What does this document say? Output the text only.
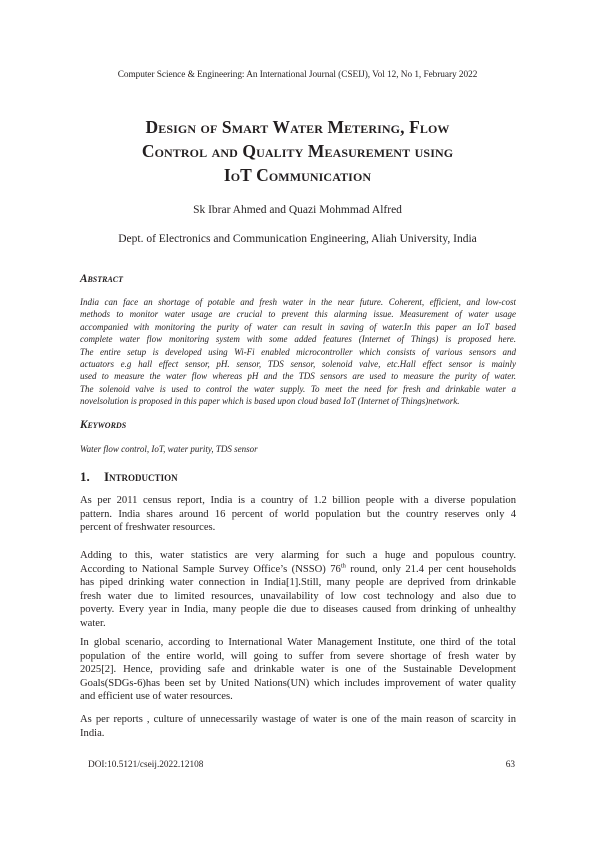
Computer Science & Engineering: An International Journal (CSEIJ), Vol 12, No 1, February 2022
Design of Smart Water Metering, Flow
Control and Quality Measurement using
IoT Communication
Sk Ibrar Ahmed and Quazi Mohmmad Alfred
Dept. of Electronics and Communication Engineering, Aliah University, India
Abstract
India can face an shortage of potable and fresh water in the near future. Coherent, efficient, and low-cost
methods to monitor water usage are crucial to prevent this alarming issue. Measurement of water usage
accompanied with monitoring the purity of water can result in saving of water.In this paper an IoT based
complete water flow monitoring system with some added features (Internet of Things) is proposed here.
The entire setup is developed using Wi-Fi enabled microcontroller which consists of various sensors and
actuators e.g hall effect sensor, pH. sensor, TDS sensor, solenoid valve, etc.Hall effect sensor is mainly
used to measure the water flow whereas pH and the TDS sensors are used to measure the purity of water.
The solenoid valve is used to control the water supply. To meet the need for fresh and drinkable water a
novelsolution is proposed in this paper which is based upon cloud based IoT (Internet of Things)network.
Keywords
Water flow control, IoT, water purity, TDS sensor
1. Introduction
As per 2011 census report, India is a country of 1.2 billion people with a diverse population
pattern. India shares around 16 percent of world population but the country reserves only 4
percent of freshwater resources.
Adding to this, water statistics are very alarming for such a huge and populous country.
According to National Sample Survey Office’s (NSSO) 76th round, only 21.4 per cent households
has piped drinking water connection in India[1].Still, many people are deprived from drinkable
fresh water due to limited resources, unavailability of low cost technology and also due to
poverty. Every year in India, many people die due to diseases caused from drinking of unhealthy
water.
In global scenario, according to International Water Management Institute, one third of the total
population of the entire world, will going to suffer from severe shortage of fresh water by
2025[2]. Hence, providing safe and drinkable water is one of the Sustainable Development
Goals(SDGs-6)has been set by United Nations(UN) which includes improvement of water quality
and efficient use of water resources.
As per reports , culture of unnecessarily wastage of water is one of the main reason of scarcity in
India.
DOI:10.5121/cseij.2022.12108	63
